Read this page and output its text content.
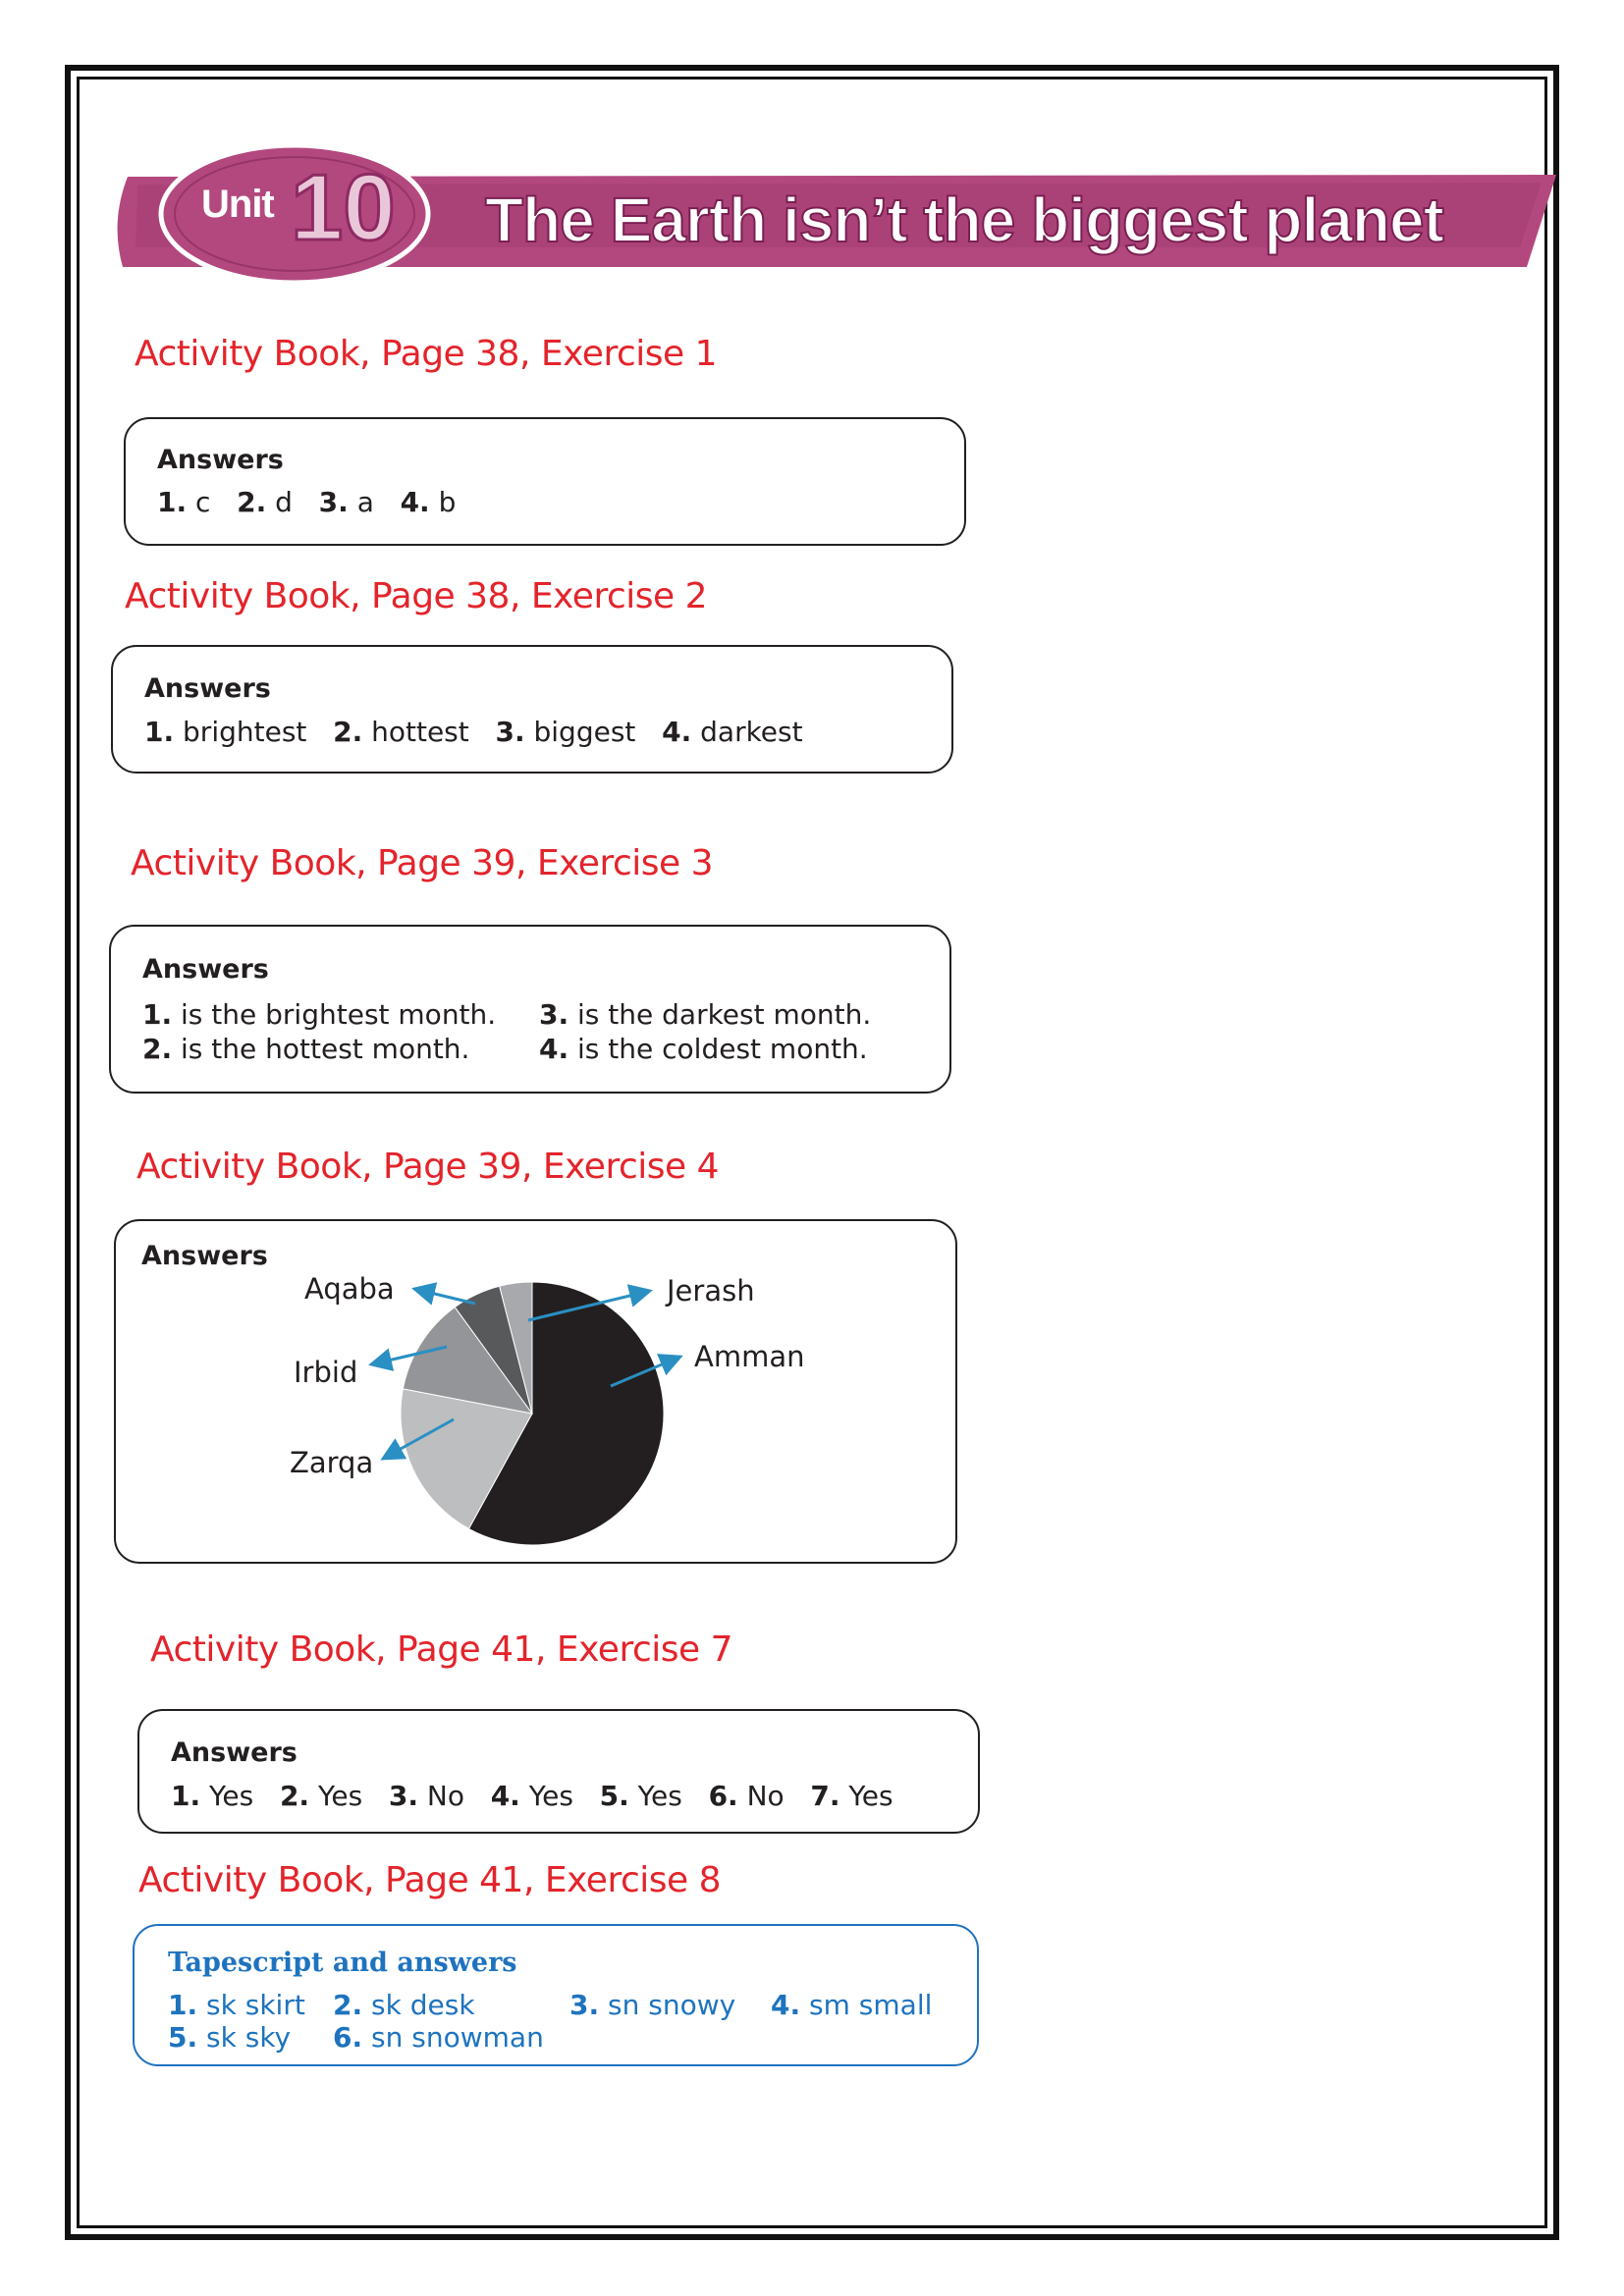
Unit 10 The Earth isn’t the biggest planet
Activity Book, Page 38, Exercise 1
Answers
1. c 2. d 3. a 4. b
Activity Book, Page 38, Exercise 2
Answers
1. brightest 2. hottest 3. biggest 4. darkest
Activity Book, Page 39, Exercise 3
Answers
1. is the brightest month. 3. is the darkest month.
2. is the hottest month.	4. is the coldest month.
Activity Book, Page 39, Exercise 4
Answers
Aqaba	Jerash
Amman
Irbid
Zarqa
Activity Book, Page 41, Exercise 7
Answers
1. Yes 2. Yes 3. No 4. Yes 5. Yes 6. No 7. Yes
Activity Book, Page 41, Exercise 8
Tapescript and answers
1. sk skirt 2. sk desk	3. sn snowy 4. sm small
5. sk sky 6. sn snowman
